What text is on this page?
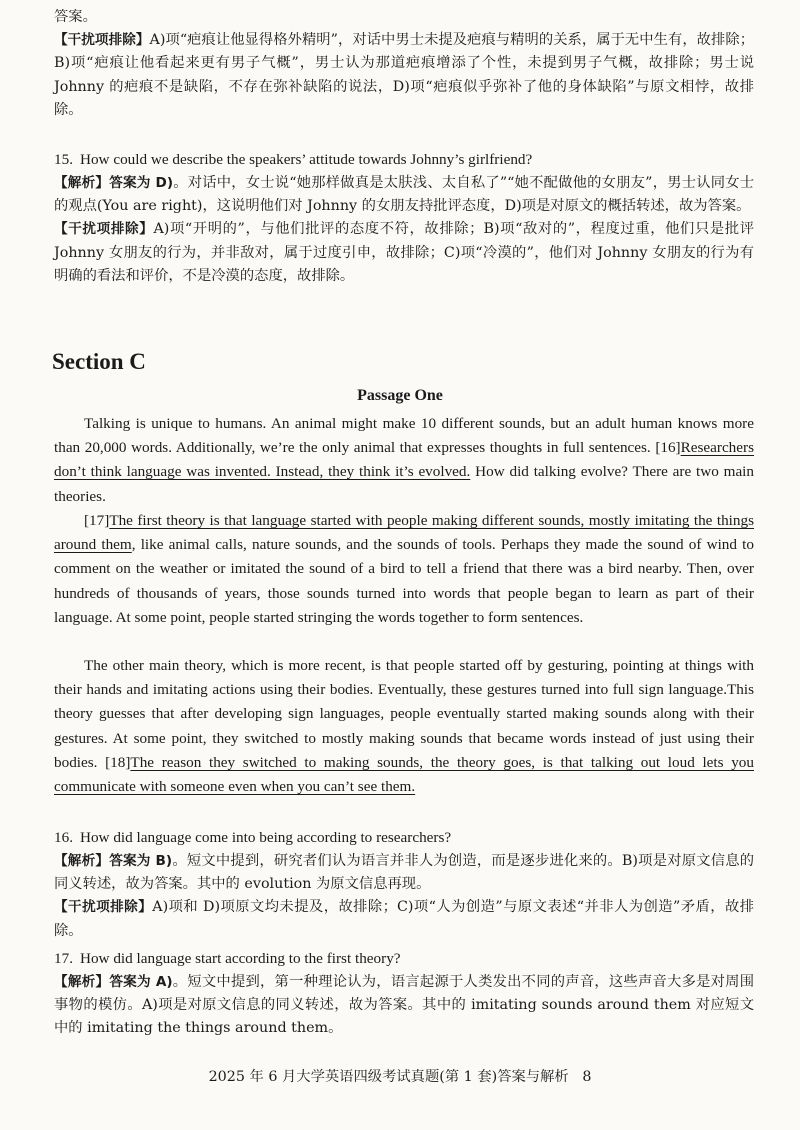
答案。
【干扰项排除】A)项“疤痕让他显得格外精明”，对话中男士未提及疤痕与精明的关系，属于无中生有，故排除；B)项“疤痕让他看起来更有男子气概”，男士认为那道疤痕增添了个性，未提到男子气概，故排除；男士说 Johnny 的疤痕不是缺陷，不存在弥补缺陷的说法，D)项“疤痕似乎弥补了他的身体缺陷”与原文相悖，故排除。
15. How could we describe the speakers’ attitude towards Johnny’s girlfriend?
【解析】答案为 D)。对话中，女士说“她那样做真是太肤浅、太自私了”“她不配做他的女朋友”，男士认同女士的观点(You are right)，这说明他们对 Johnny 的女朋友持批评态度，D)项是对原文的概括转述，故为答案。
【干扰项排除】A)项“开明的”，与他们批评的态度不符，故排除；B)项“敌对的”，程度过重，他们只是批评 Johnny 女朋友的行为，并非敌对，属于过度引申，故排除；C)项“冷漠的”，他们对 Johnny 女朋友的行为有明确的看法和评价，不是冷漠的态度，故排除。
Section C
Passage One
Talking is unique to humans. An animal might make 10 different sounds, but an adult human knows more than 20,000 words. Additionally, we’re the only animal that expresses thoughts in full sentences. [16]Researchers don’t think language was invented. Instead, they think it’s evolved. How did talking evolve? There are two main theories.
[17]The first theory is that language started with people making different sounds, mostly imitating the things around them, like animal calls, nature sounds, and the sounds of tools. Perhaps they made the sound of wind to comment on the weather or imitated the sound of a bird to tell a friend that there was a bird nearby. Then, over hundreds of thousands of years, those sounds turned into words that people began to learn as part of their language. At some point, people started stringing the words together to form sentences.
The other main theory, which is more recent, is that people started off by gesturing, pointing at things with their hands and imitating actions using their bodies. Eventually, these gestures turned into full sign language.This theory guesses that after developing sign languages, people eventually started making sounds along with their gestures. At some point, they switched to mostly making sounds that became words instead of just using their bodies. [18]The reason they switched to making sounds, the theory goes, is that talking out loud lets you communicate with someone even when you can’t see them.
16. How did language come into being according to researchers?
【解析】答案为 B)。短文中提到，研究者们认为语言并非人为创造，而是逐步进化来的。B)项是对原文信息的同义转述，故为答案。其中的 evolution 为原文信息再现。
【干扰项排除】A)项和 D)项原文均未提及，故排除；C)项“人为创造”与原文表述“并非人为创造”矛盾，故排除。
17. How did language start according to the first theory?
【解析】答案为 A)。短文中提到，第一种理论认为，语言起源于人类发出不同的声音，这些声音大多是对周围事物的模仿。A)项是对原文信息的同义转述，故为答案。其中的 imitating sounds around them 对应短文中的 imitating the things around them。
2025 年 6 月大学英语四级考试真题(第 1 套)答案与解析 8
